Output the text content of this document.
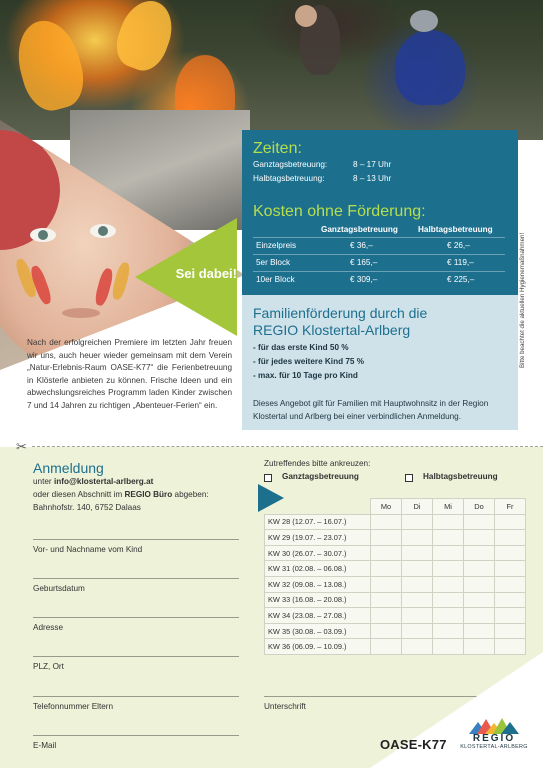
Sei dabei!
Zeiten:
Ganztagsbetreuung:	8 – 17 Uhr
Halbtagsbetreuung:	8 – 13 Uhr
Kosten ohne Förderung:
Ganztagsbetreuung Halbtagsbetreuung
Einzelpreis	€ 36,–	€ 26,–
5er Block	€ 165,–	€ 119,–
10er Block	€ 309,–	€ 225,–
Familienförderung durch die
REGIO Klostertal-Arlberg
- für das erste Kind 50 %
- für jedes weitere Kind 75 %
- max. für 10 Tage pro Kind
Dieses Angebot gilt für Familien mit Hauptwohnsitz in der Region Klostertal und Arlberg bei einer verbindlichen Anmeldung.
Nach der erfolgreichen Premiere im letzten Jahr freuen wir uns, auch heuer wieder gemeinsam mit dem Verein „Natur-Erlebnis-Raum OASE-K77“ die Ferienbetreuung in Klösterle anbieten zu können. Frische Ideen und ein abwechslungsreiches Programm laden Kinder zwischen 7 und 14 Jahren zu richtigen „Abenteuer-Ferien“ ein.
Bitte beachtet die aktuellen Hygienemaßnahmen!
✂
Anmeldung
unter info@klostertal-arlberg.at
oder diesen Abschnitt im REGIO Büro abgeben:
Bahnhofstr. 140, 6752 Dalaas
Vor- und Nachname vom Kind
Geburtsdatum
Adresse
PLZ, Ort
Telefonnummer Eltern
E-Mail
Zutreffendes bitte ankreuzen:
Ganztagsbetreuung	Halbtagsbetreuung
	Mo	Di	Mi	Do	Fr
KW 28 (12.07. – 16.07.)					
KW 29 (19.07. – 23.07.)					
KW 30 (26.07. – 30.07.)					
KW 31 (02.08. – 06.08.)					
KW 32 (09.08. – 13.08.)					
KW 33 (16.08. – 20.08.)					
KW 34 (23.08. – 27.08.)					
KW 35 (30.08. – 03.09.)					
KW 36 (06.09. – 10.09.)					
Unterschrift
OASE-K77	REGIO
KLOSTERTAL-ARLBERG
